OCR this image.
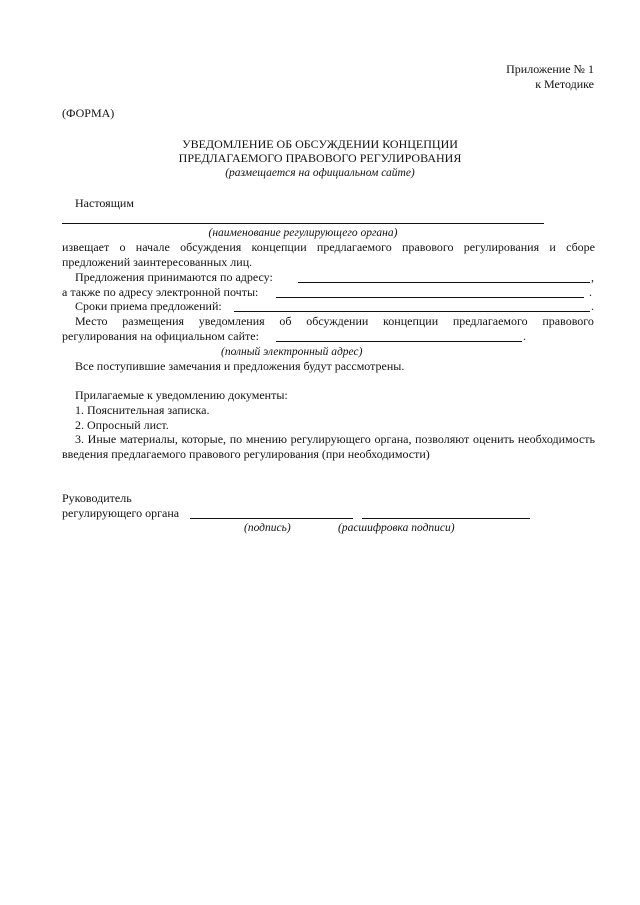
Приложение № 1
к Методике
(ФОРМА)
УВЕДОМЛЕНИЕ ОБ ОБСУЖДЕНИИ КОНЦЕПЦИИ
ПРЕДЛАГАЕМОГО ПРАВОВОГО РЕГУЛИРОВАНИЯ
(размещается на официальном сайте)
Настоящим
(наименование регулирующего органа)
извещает о начале обсуждения концепции предлагаемого правового регулирования и сборе предложений заинтересованных лиц.
Предложения принимаются по адресу:	,
а также по адресу электронной почты:	.
Сроки приема предложений:	.
Место размещения уведомления об обсуждении концепции предлагаемого правового
регулирования на официальном сайте:	.
(полный электронный адрес)
Все поступившие замечания и предложения будут рассмотрены.
Прилагаемые к уведомлению документы:
1. Пояснительная записка.
2. Опросный лист.
3. Иные материалы, которые, по мнению регулирующего органа, позволяют оценить необходимость введения предлагаемого правового регулирования (при необходимости)
Руководитель
регулирующего органа
(подпись)	(расшифровка подписи)
